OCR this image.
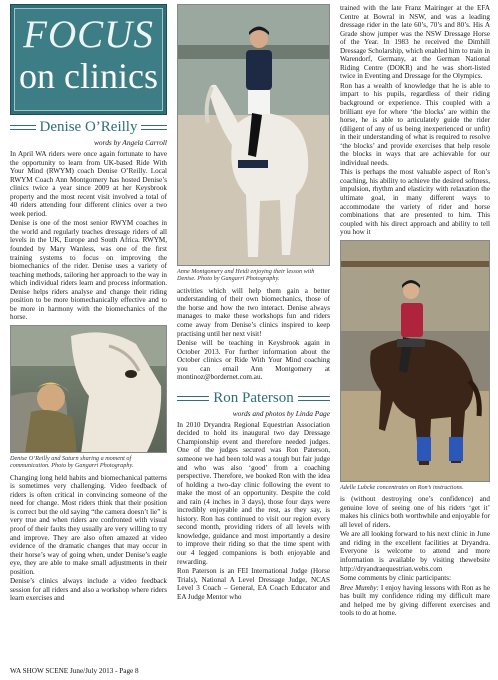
FOCUS
on clinics
Denise O’Reilly
words by Angela Carroll

In April WA riders were once again fortunate to have the opportunity to learn from UK-based Ride With Your Mind (RWYM) coach Denise O’Reilly. Local RWYM Coach Ann Montgomery has hosted Denise’s clinics twice a year since 2009 at her Keysbrook property and the most recent visit involved a total of 40 riders attending four different clinics over a two week period.

Denise is one of the most senior RWYM coaches in the world and regularly teaches dressage riders of all levels in the UK, Europe and South Africa. RWYM, founded by Mary Wanless, was one of the first training systems to focus on improving the biomechanics of the rider. Denise uses a variety of teaching methods, tailoring her approach to the way in which individual riders learn and process information. Denise helps riders analyse and change their riding position to be more biomechanically effective and to be more in harmony with the biomechanics of the horse.

Denise O’Reilly and Saturn sharing a moment of communication. Photo by Gangarri Photography.

Changing long held habits and biomechanical patterns is sometimes very challenging. Video feedback of riders is often critical in convincing someone of the need for change. Most riders think that their position is correct but the old saying “the camera doesn’t lie” is very true and when riders are confronted with visual proof of their faults they usually are very willing to try and improve. They are also often amazed at video evidence of the dramatic changes that may occur in their horse’s way of going when, under Denise’s eagle eye, they are able to make small adjustments in their position.

Denise’s clinics always include a video feedback session for all riders and also a workshop where riders learn exercises and

Anne Montgomery and Heidi enjoying their lesson with Denise. Photo by Gangarri Photography.

activities which will help them gain a better understanding of their own biomechanics, those of the horse and how the two interact. Denise always manages to make these workshops fun and riders come away from Denise’s clinics inspired to keep practising until her next visit!

Denise will be teaching in Keysbrook again in October 2013. For further information about the October clinics or Ride With Your Mind coaching you can email Ann Montgomery at montinoz@bordernet.com.au.

Ron Paterson
words and photos by Linda Page

In 2010 Dryandra Regional Equestrian Association decided to hold its inaugural two day Dressage Championship event and therefore needed judges. One of the judges secured was Ron Paterson, someone we had been told was a tough but fair judge and who was also ‘good’ from a coaching perspective. Therefore, we booked Ron with the idea of holding a two-day clinic following the event to make the most of an opportunity. Despite the cold and rain (4 inches in 3 days), those four days were incredibly enjoyable and the rest, as they say, is history. Ron has continued to visit our region every second month, providing riders of all levels with knowledge, guidance and most importantly a desire to improve their riding so that the time spent with our 4 legged companions is both enjoyable and rewarding.

Ron Paterson is an FEI International Judge (Horse Trials), National A Level Dressage Judge, NCAS Level 3 Coach – General, EA Coach Educator and EA Judge Mentor who

trained with the late Franz Mairinger at the EFA Centre at Bowral in NSW, and was a leading dressage rider in the late 60’s, 70’s and 80’s. His A Grade show jumper was the NSW Dressage Horse of the Year. In 1983 he received the Dimhill Dressage Scholarship, which enabled him to train in Warendorf, Germany, at the German National Riding Centre (DOKR) and he was short-listed twice in Eventing and Dressage for the Olympics.

Ron has a wealth of knowledge that he is able to impart to his pupils, regardless of their riding background or experience. This coupled with a brilliant eye for where ‘the blocks’ are within the horse, he is able to articulately guide the rider (diligent of any of us being inexperienced or unfit) in their understanding of what is required to resolve ‘the blocks’ and provide exercises that help resole the blocks in ways that are achievable for our individual needs.

This is perhaps the most valuable aspect of Ron’s coaching, his ability to achieve the desired softness, impulsion, rhythm and elasticity with relaxation the ultimate goal, in many different ways to accommodate the variety of rider and horse combinations that are presented to him. This coupled with his direct approach and ability to tell you how it

Adelle Lubcke concentrates on Ron’s instructions.

is (without destroying one’s confidence) and genuine love of seeing one of his riders ‘get it’ makes his clinics both worthwhile and enjoyable for all level of riders.

We are all looking forward to his next clinic in June and riding in the excellent facilities at Dryandra. Everyone is welcome to attend and more information is available by visiting thewebsite http://dryandraequestrian.webs.com

Some comments by clinic participants:

Bree Mumby: I enjoy having lessons with Ron as he has built my confidence riding my difficult mare and helped me by giving different exercises and tools to do at home.

WA SHOW SCENE June/July 2013 - Page 8
